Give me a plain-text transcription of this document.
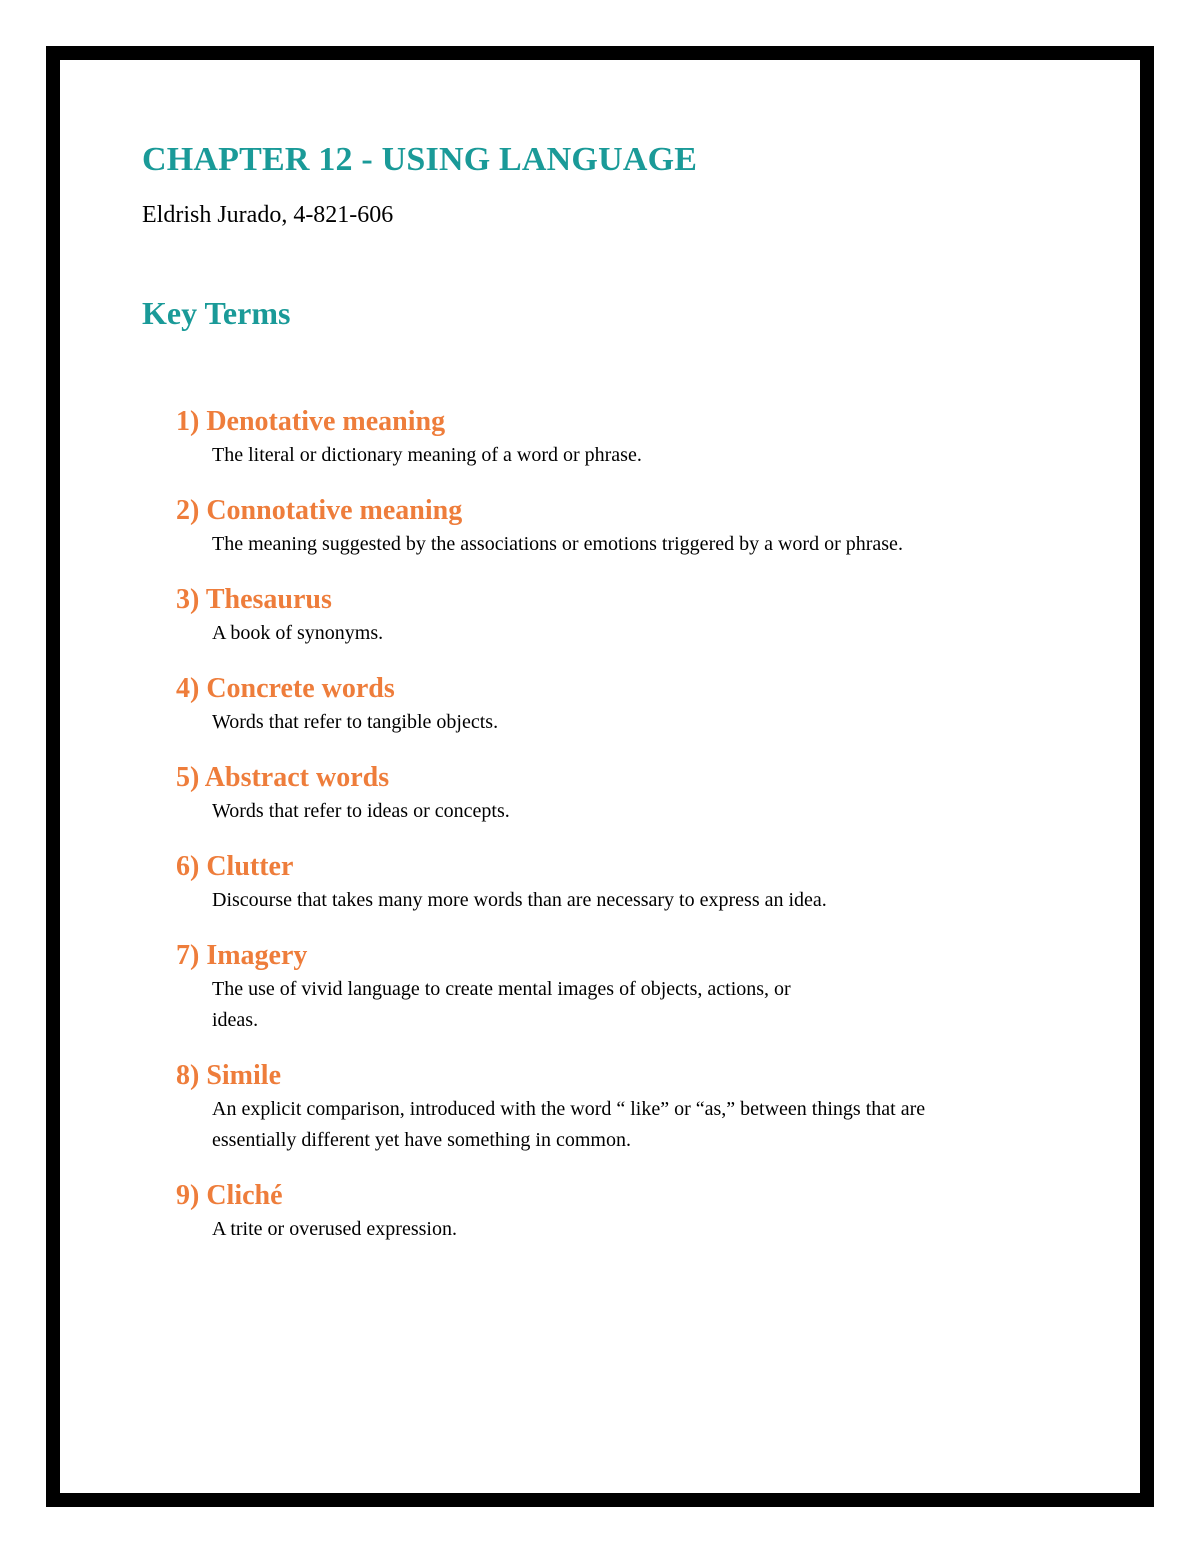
CHAPTER 12 - USING LANGUAGE
Eldrish Jurado, 4-821-606
Key Terms
1) Denotative meaning
The literal or dictionary meaning of a word or phrase.
2) Connotative meaning
The meaning suggested by the associations or emotions triggered by a word or phrase.
3) Thesaurus
A book of synonyms.
4) Concrete words
Words that refer to tangible objects.
5) Abstract words
Words that refer to ideas or concepts.
6) Clutter
Discourse that takes many more words than are necessary to express an idea.
7) Imagery
The use of vivid language to create mental images of objects, actions, or
ideas.
8) Simile
An explicit comparison, introduced with the word “ like” or “as,” between things that are
essentially different yet have something in common.
9) Cliché
A trite or overused expression.
